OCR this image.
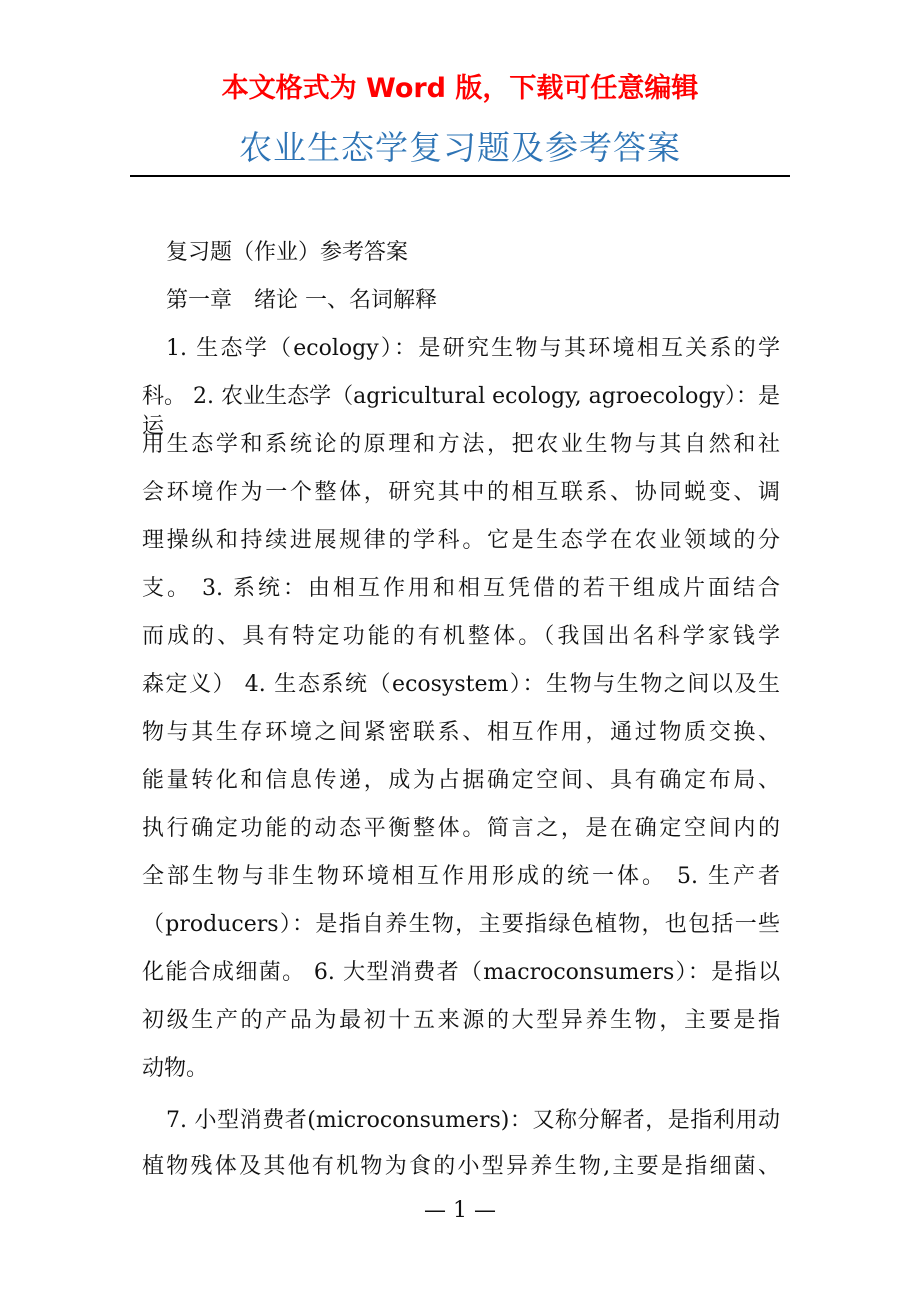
本文格式为 Word 版，下载可任意编辑
农业生态学复习题及参考答案
复习题（作业）参考答案
第一章　绪论 一、名词解释
1. 生态学（ecology）：是研究生物与其环境相互关系的学
科。 2. 农业生态学（agricultural ecology, agroecology）：是运
用生态学和系统论的原理和方法，把农业生物与其自然和社
会环境作为一个整体，研究其中的相互联系、协同蜕变、调
理操纵和持续进展规律的学科。它是生态学在农业领域的分
支。 3. 系统：由相互作用和相互凭借的若干组成片面结合
而成的、具有特定功能的有机整体。（我国出名科学家钱学
森定义） 4. 生态系统（ecosystem）：生物与生物之间以及生
物与其生存环境之间紧密联系、相互作用，通过物质交换、
能量转化和信息传递，成为占据确定空间、具有确定布局、
执行确定功能的动态平衡整体。简言之，是在确定空间内的
全部生物与非生物环境相互作用形成的统一体。 5. 生产者
（producers）：是指自养生物，主要指绿色植物，也包括一些
化能合成细菌。 6. 大型消费者（macroconsumers）：是指以
初级生产的产品为最初十五来源的大型异养生物，主要是指
动物。
7. 小型消费者(microconsumers)：又称分解者，是指利用动
植物残体及其他有机物为食的小型异养生物,主要是指细菌、
— 1 —
